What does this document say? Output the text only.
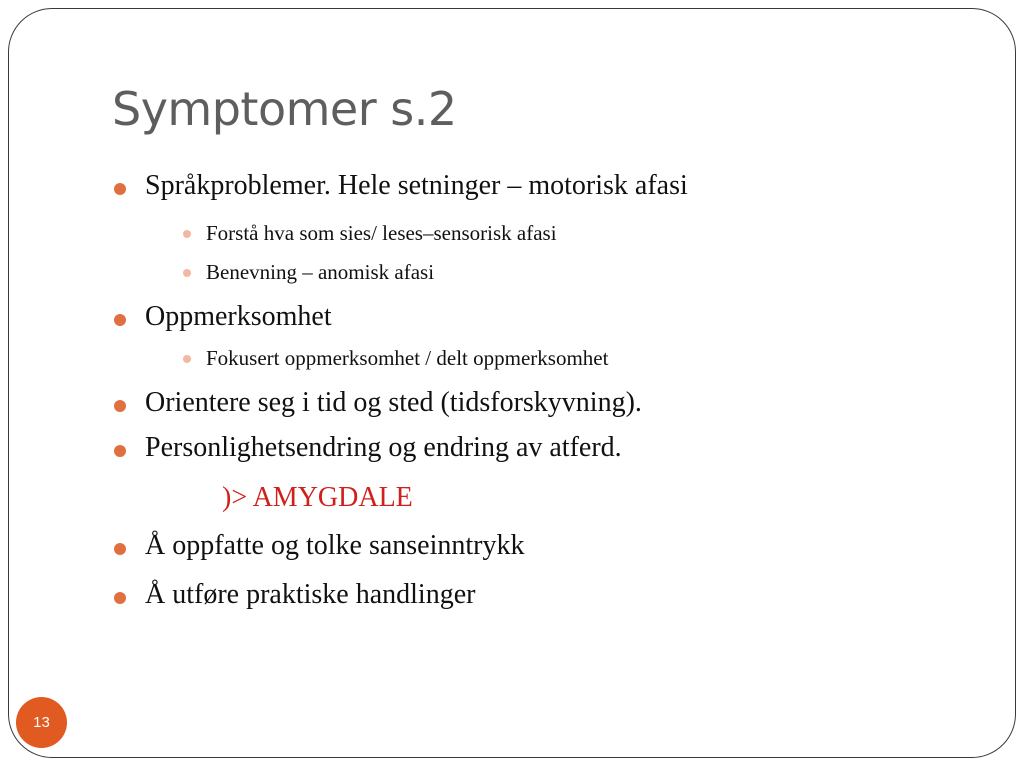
Symptomer s.2
Språkproblemer. Hele setninger – motorisk afasi
Forstå hva som sies/ leses–sensorisk afasi
Benevning – anomisk afasi
Oppmerksomhet
Fokusert oppmerksomhet / delt oppmerksomhet
Orientere seg i tid og sted (tidsforskyvning).
Personlighetsendring og endring av atferd.
)> AMYGDALE
Å oppfatte og tolke sanseinntrykk
Å utføre praktiske handlinger
13
